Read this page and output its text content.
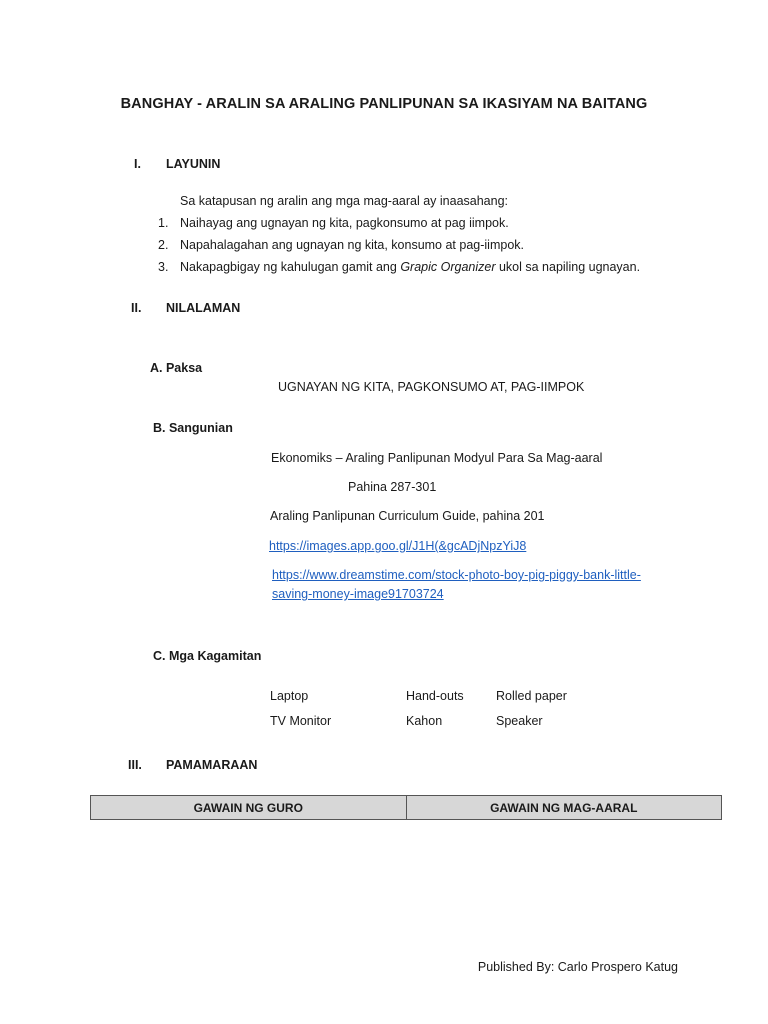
BANGHAY - ARALIN SA ARALING PANLIPUNAN SA IKASIYAM NA BAITANG
I. LAYUNIN
Sa katapusan ng aralin ang mga mag-aaral ay inaasahang:
1. Naihayag ang ugnayan ng kita, pagkonsumo at pag iimpok.
2. Napahalagahan ang ugnayan ng kita, konsumo at pag-iimpok.
3. Nakapagbigay ng kahulugan gamit ang Grapic Organizer ukol sa napiling ugnayan.
II. NILALAMAN
A. Paksa
UGNAYAN NG KITA, PAGKONSUMO AT, PAG-IIMPOK
B. Sangunian
Ekonomiks – Araling Panlipunan Modyul Para Sa Mag-aaral
Pahina 287-301
Araling Panlipunan Curriculum Guide, pahina 201
https://images.app.goo.gl/J1H(&gcADjNpzYiJ8
https://www.dreamstime.com/stock-photo-boy-pig-piggy-bank-little-
saving-money-image91703724
C. Mga Kagamitan
Laptop	Hand-outs	Rolled paper
TV Monitor	Kahon	Speaker
III. PAMAMARAAN
GAWAIN NG GURO	GAWAIN NG MAG-AARAL
Published By: Carlo Prospero Katug
